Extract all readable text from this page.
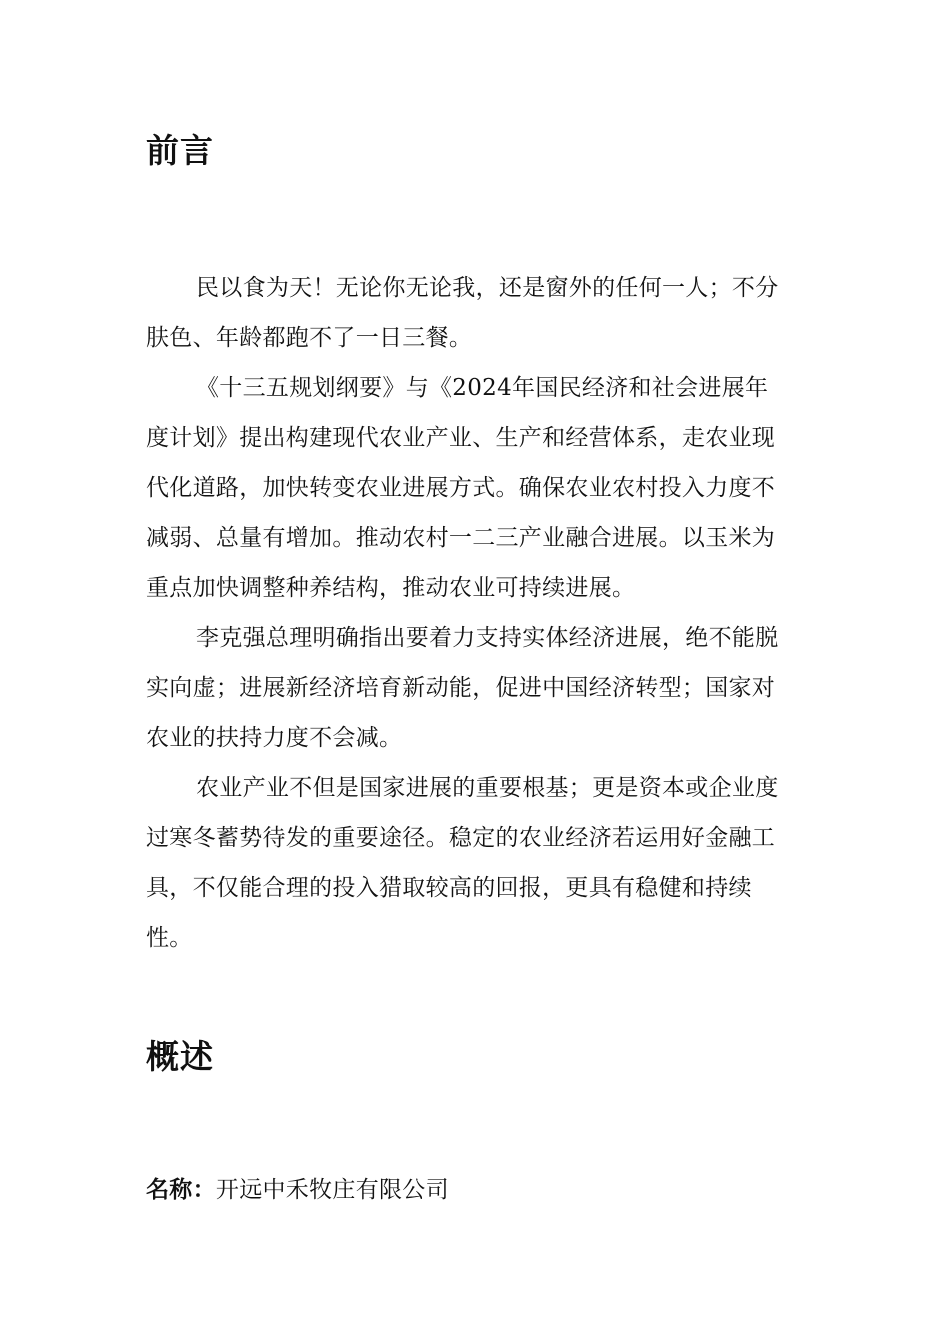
前言

民以食为天！无论你无论我，还是窗外的任何一人；不分肤色、年龄都跑不了一日三餐。

《十三五规划纲要》与《2024年国民经济和社会进展年度计划》提出构建现代农业产业、生产和经营体系，走农业现代化道路，加快转变农业进展方式。确保农业农村投入力度不减弱、总量有增加。推动农村一二三产业融合进展。以玉米为重点加快调整种养结构，推动农业可持续进展。

李克强总理明确指出要着力支持实体经济进展，绝不能脱实向虚；进展新经济培育新动能，促进中国经济转型；国家对农业的扶持力度不会减。

农业产业不但是国家进展的重要根基；更是资本或企业度过寒冬蓄势待发的重要途径。稳定的农业经济若运用好金融工具，不仅能合理的投入猎取较高的回报，更具有稳健和持续性。

概述
名称：开远中禾牧庄有限公司
